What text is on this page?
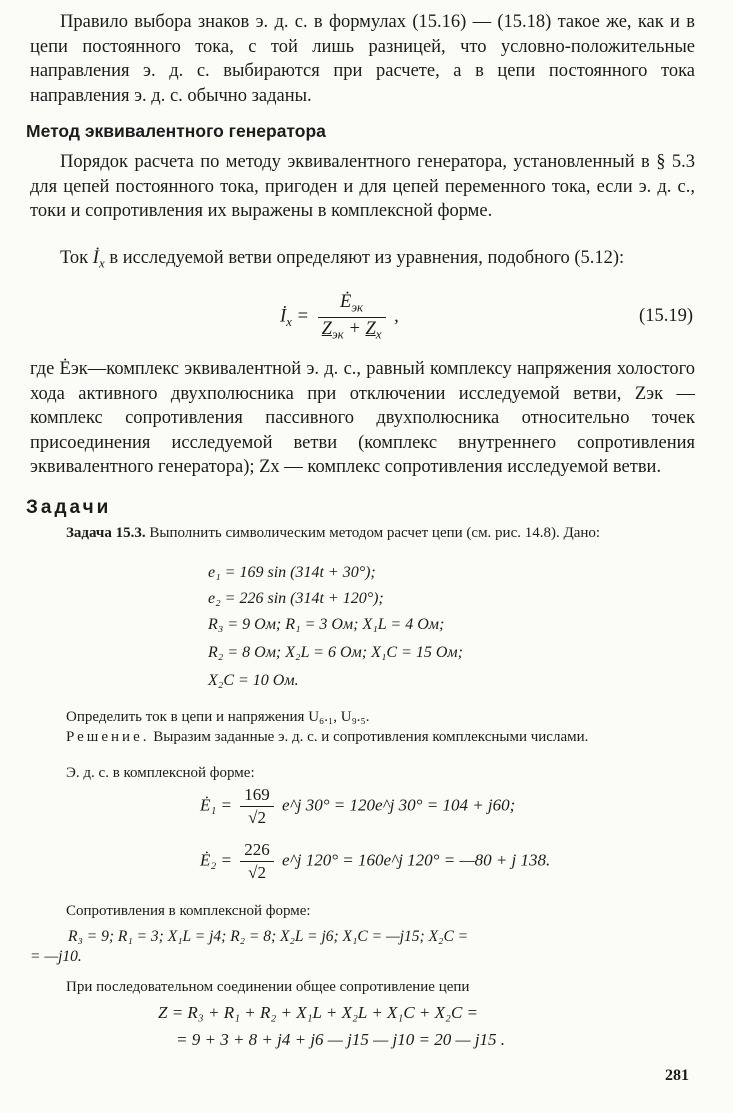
Правило выбора знаков э. д. с. в формулах (15.16) — (15.18) такое же, как и в цепи постоянного тока, с той лишь разницей, что условно-положительные направления э. д. с. выбираются при расчете, а в цепи постоянного тока направления э. д. с. обычно заданы.
Метод эквивалентного генератора
Порядок расчета по методу эквивалентного генератора, установленный в § 5.3 для цепей постоянного тока, пригоден и для цепей переменного тока, если э. д. с., токи и сопротивления их выражены в комплексной форме.
Ток $İ_x$ в исследуемой ветви определяют из уравнения, подобного (5.12):
$İ_x = \frac{Ė_{эк}}{Z_{эк} + Z_x}$ ,	(15.19)
где Ėэк—комплекс эквивалентной э. д. с., равный комплексу напряжения холостого хода активного двухполюсника при отключении исследуемой ветви, Zэк — комплекс сопротивления пассивного двухполюсника относительно точек присоединения исследуемой ветви (комплекс внутреннего сопротивления эквивалентного генератора); Zх — комплекс сопротивления исследуемой ветви.
Задачи
Задача 15.3. Выполнить символическим методом расчет цепи (см. рис. 14.8). Дано:
e₁ = 169 sin (314t + 30°);
e₂ = 226 sin (314t + 120°);
R₃ = 9 Ом; R₁ = 3 Ом; X₁L = 4 Ом;
R₂ = 8 Ом; X₂L = 6 Ом; X₁C = 15 Ом;
X₂C = 10 Ом.
Определить ток в цепи и напряжения U₆.₁, U₉.₅.
Решение. Выразим заданные э. д. с. и сопротивления комплексными числами.
Э. д. с. в комплексной форме:
Ė₁ = $\frac{169}{√2}$ e^j 30° = 120e^j 30° = 104 + j60;
Ė₂ = $\frac{226}{√2}$ e^j 120° = 160e^j 120° = —80 + j 138.
Сопротивления в комплексной форме:
R₃ = 9; R₁ = 3; X₁L = j4; R₂ = 8; X₂L = j6; X₁C = —j15; X₂C =
= —j10.
При последовательном соединении общее сопротивление цепи
Z = R₃ + R₁ + R₂ + X₁L + X₂L + X₁C + X₂C =
= 9 + 3 + 8 + j4 + j6 — j15 — j10 = 20 — j15 .
281
